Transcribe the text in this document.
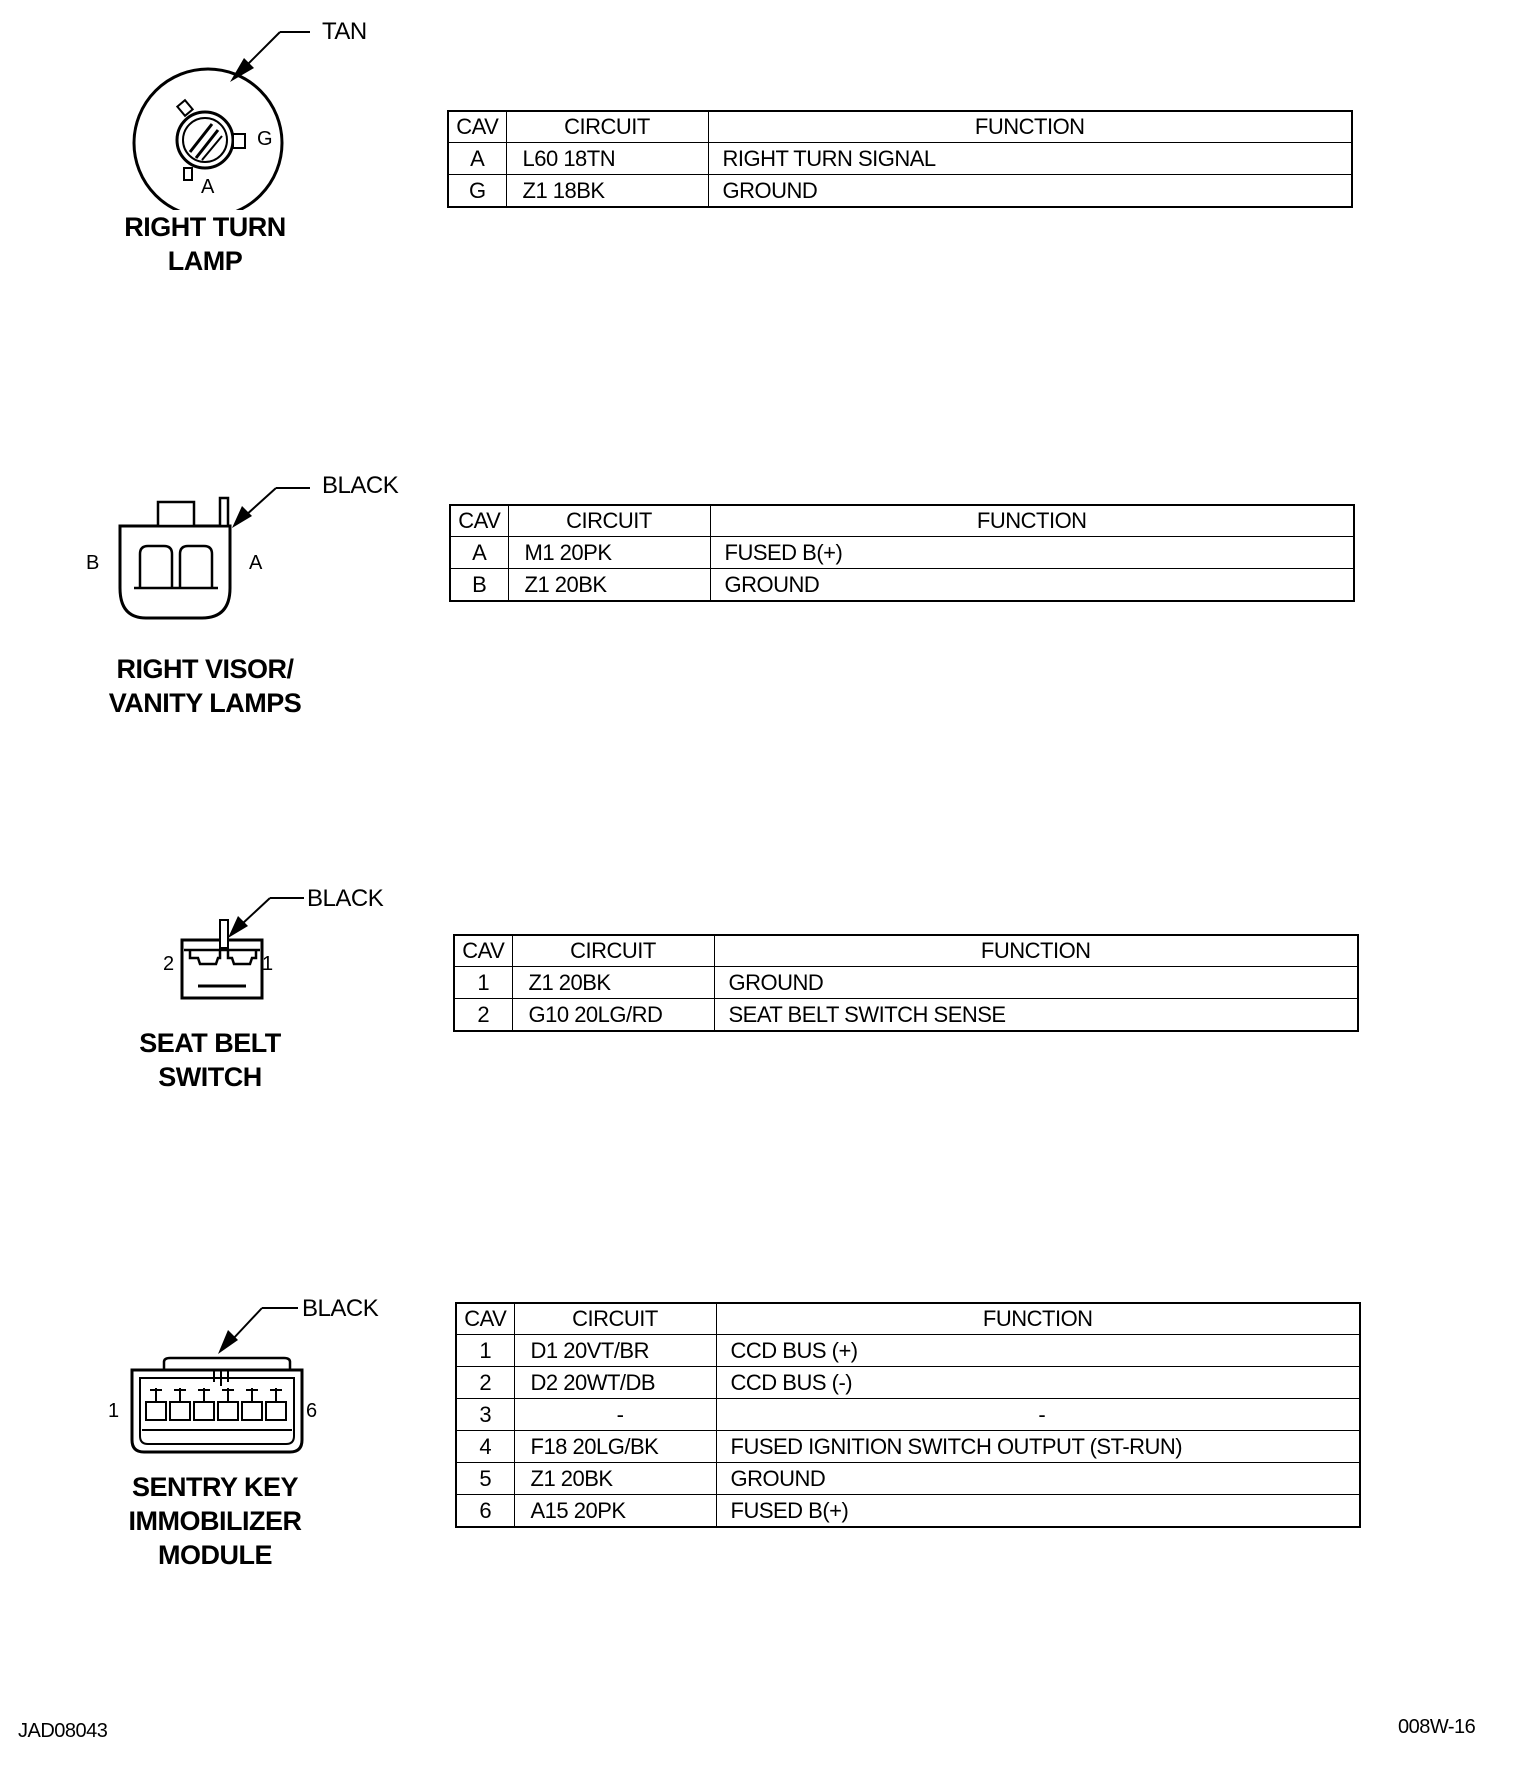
TAN
A
G
RIGHT TURN
LAMP
CAV	CIRCUIT	FUNCTION
A	L60 18TN	RIGHT TURN SIGNAL
G	Z1 18BK	GROUND
BLACK
B	A
RIGHT VISOR/
VANITY LAMPS
CAV	CIRCUIT	FUNCTION
A	M1 20PK	FUSED B(+)
B	Z1 20BK	GROUND
BLACK
2	1
SEAT BELT
SWITCH
CAV	CIRCUIT	FUNCTION
1	Z1 20BK	GROUND
2	G10 20LG/RD	SEAT BELT SWITCH SENSE
BLACK
1	6
SENTRY KEY
IMMOBILIZER
MODULE
CAV	CIRCUIT	FUNCTION
1	D1 20VT/BR	CCD BUS (+)
2	D2 20WT/DB	CCD BUS (-)
3	-	-
4	F18 20LG/BK	FUSED IGNITION SWITCH OUTPUT (ST-RUN)
5	Z1 20BK	GROUND
6	A15 20PK	FUSED B(+)
JAD08043	008W-16
